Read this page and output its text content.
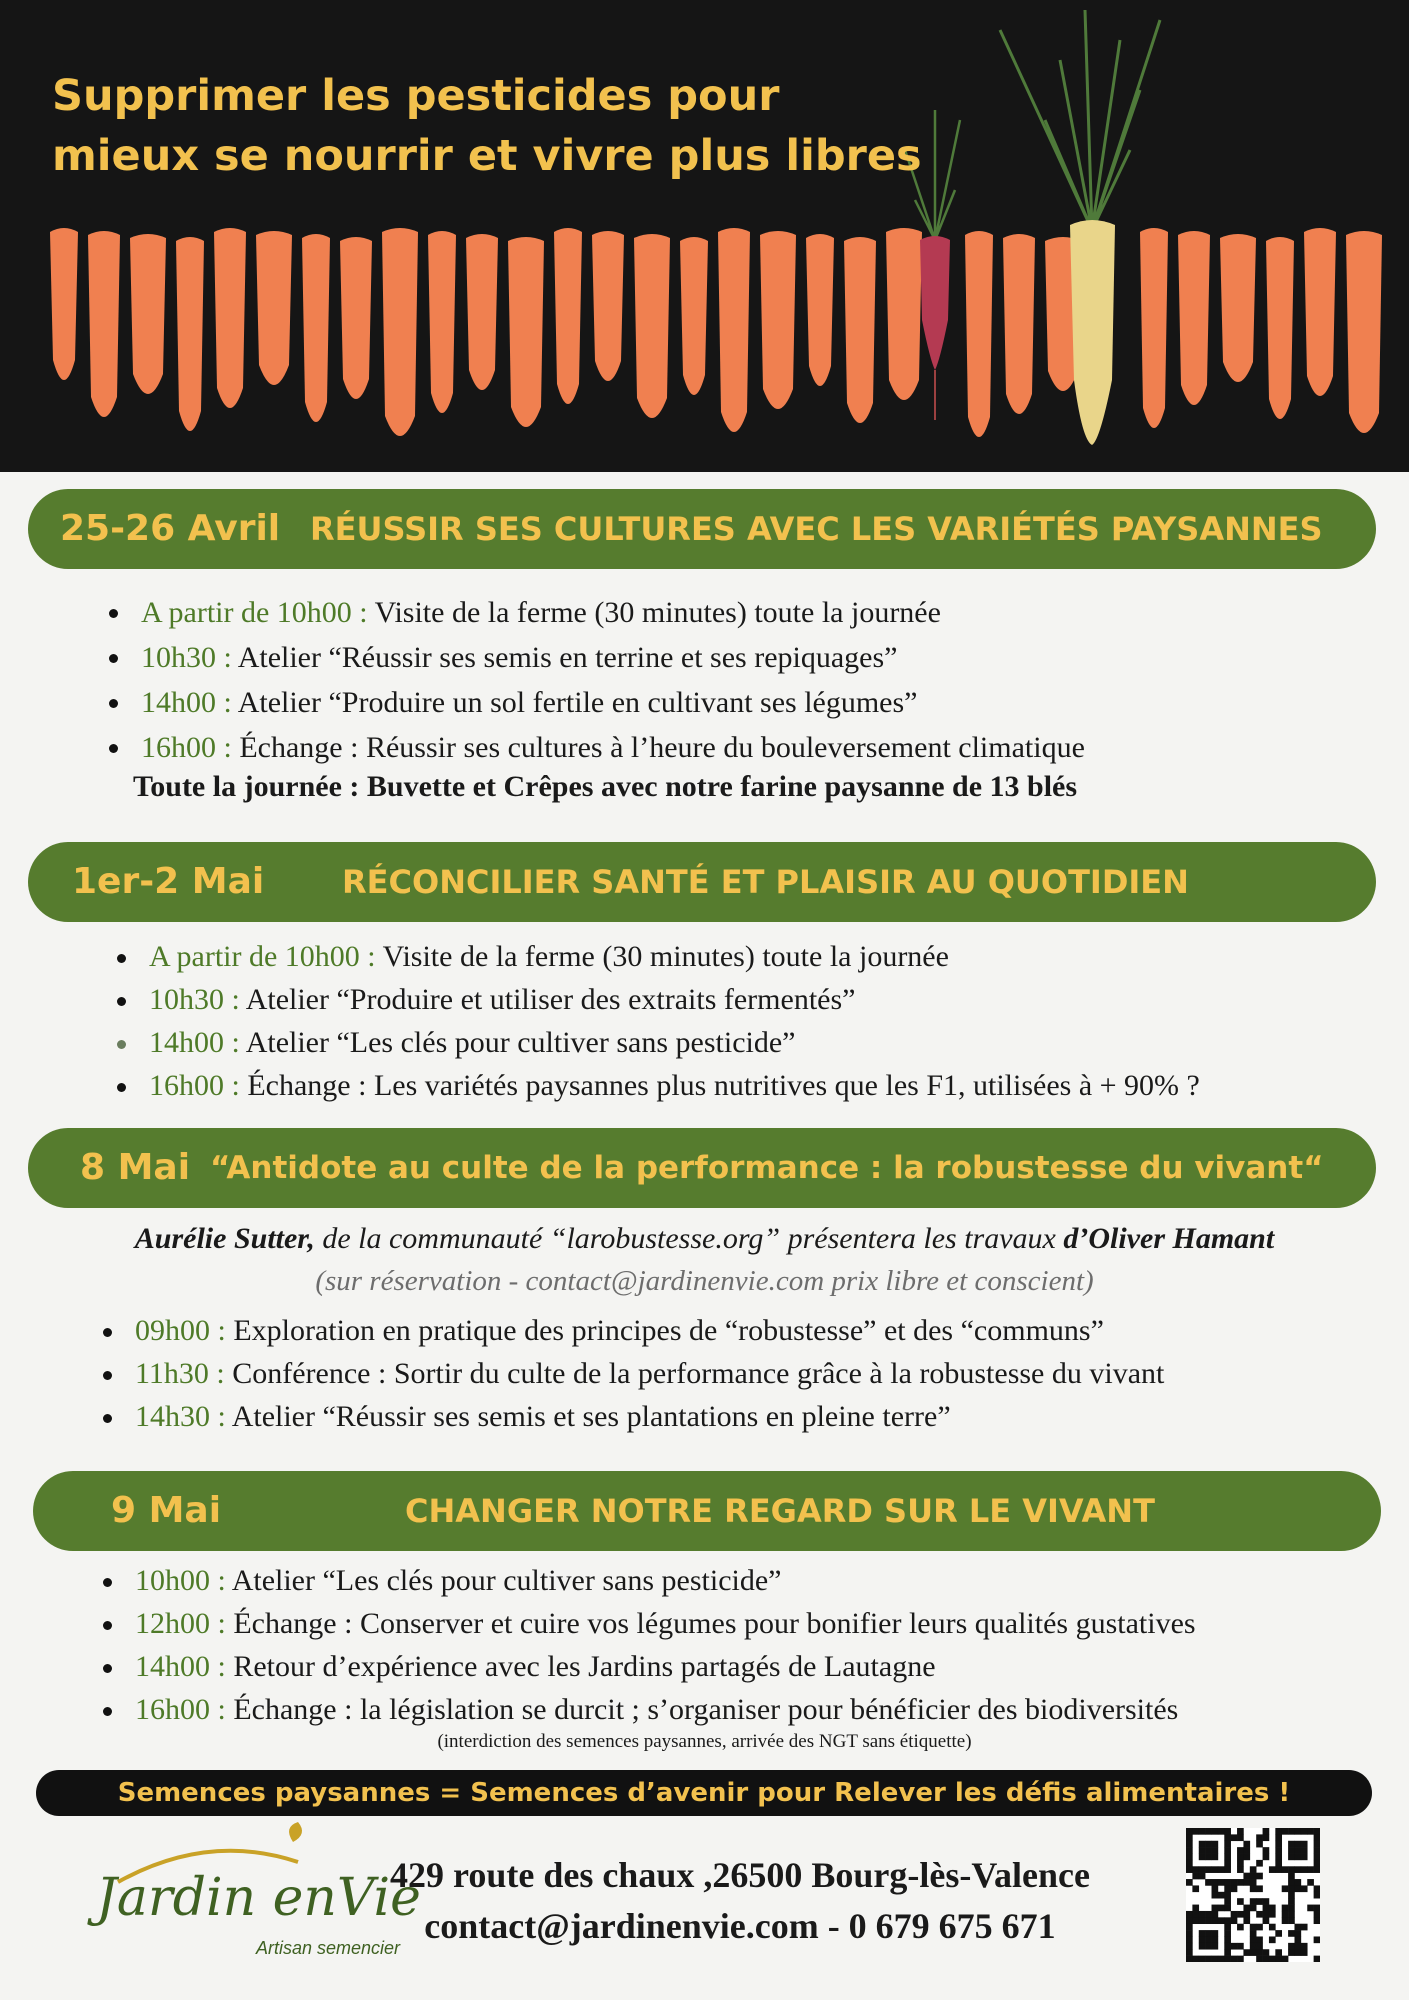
Supprimer les pesticides pour
mieux se nourrir et vivre plus libres
25-26 Avril RÉUSSIR SES CULTURES AVEC LES VARIÉTÉS PAYSANNES
A partir de 10h00 : Visite de la ferme (30 minutes) toute la journée
10h30 : Atelier “Réussir ses semis en terrine et ses repiquages”
14h00 : Atelier “Produire un sol fertile en cultivant ses légumes”
16h00 : Échange : Réussir ses cultures à l’heure du bouleversement climatique
Toute la journée : Buvette et Crêpes avec notre farine paysanne de 13 blés
1er-2 Mai RÉCONCILIER SANTÉ ET PLAISIR AU QUOTIDIEN
A partir de 10h00 : Visite de la ferme (30 minutes) toute la journée
10h30 : Atelier “Produire et utiliser des extraits fermentés”
14h00 : Atelier “Les clés pour cultiver sans pesticide”
16h00 : Échange : Les variétés paysannes plus nutritives que les F1, utilisées à + 90% ?
8 Mai “Antidote au culte de la performance : la robustesse du vivant“
Aurélie Sutter, de la communauté “larobustesse.org” présentera les travaux d’Oliver Hamant
(sur réservation - contact@jardinenvie.com prix libre et conscient)
09h00 : Exploration en pratique des principes de “robustesse” et des “communs”
11h30 : Conférence : Sortir du culte de la performance grâce à la robustesse du vivant
14h30 : Atelier “Réussir ses semis et ses plantations en pleine terre”
9 Mai	CHANGER NOTRE REGARD SUR LE VIVANT
10h00 : Atelier “Les clés pour cultiver sans pesticide”
12h00 : Échange : Conserver et cuire vos légumes pour bonifier leurs qualités gustatives
14h00 : Retour d’expérience avec les Jardins partagés de Lautagne
16h00 : Échange : la législation se durcit ; s’organiser pour bénéficier des biodiversités
(interdiction des semences paysannes, arrivée des NGT sans étiquette)
Semences paysannes = Semences d’avenir pour Relever les défis alimentaires !
Jardin enVie
Artisan semencier
429 route des chaux ,26500 Bourg-lès-Valence
contact@jardinenvie.com - 0 679 675 671
